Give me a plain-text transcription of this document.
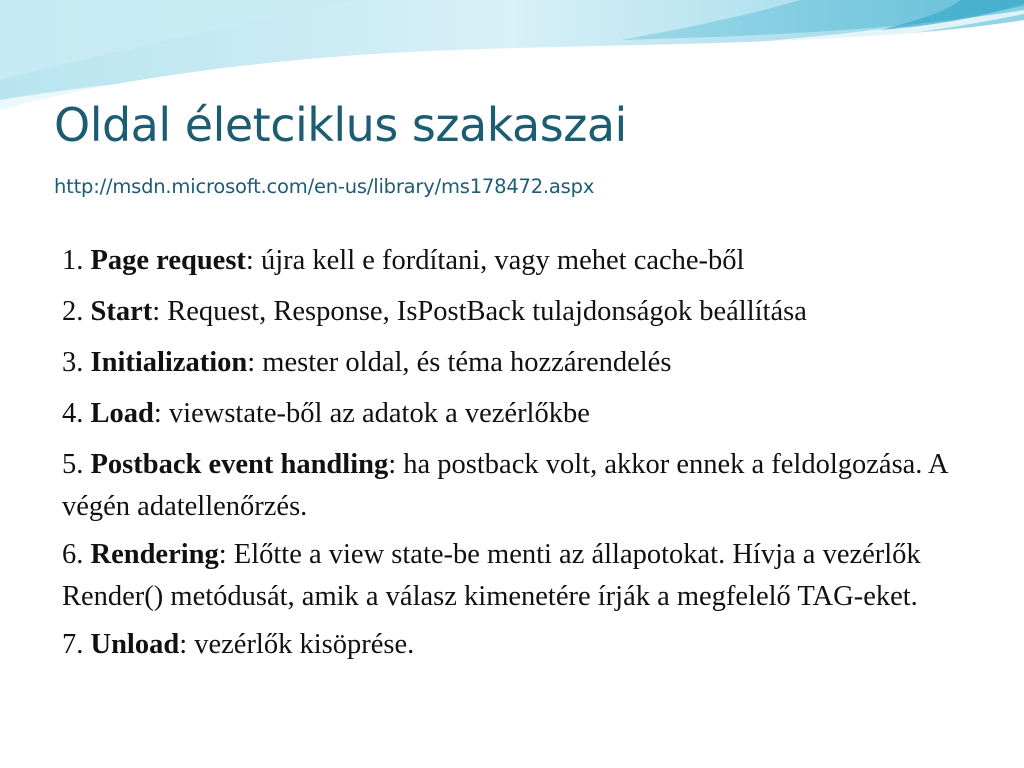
Oldal életciklus szakaszai
http://msdn.microsoft.com/en-us/library/ms178472.aspx
1. Page request: újra kell e fordítani, vagy mehet cache-ből
2. Start: Request, Response, IsPostBack tulajdonságok beállítása
3. Initialization: mester oldal, és téma hozzárendelés
4. Load: viewstate-ből az adatok a vezérlőkbe
5. Postback event handling: ha postback volt, akkor ennek a feldolgozása. A végén adatellenőrzés.
6. Rendering: Előtte a view state-be menti az állapotokat. Hívja a vezérlők Render() metódusát, amik a válasz kimenetére írják a megfelelő TAG-eket.
7. Unload: vezérlők kisöprése.
